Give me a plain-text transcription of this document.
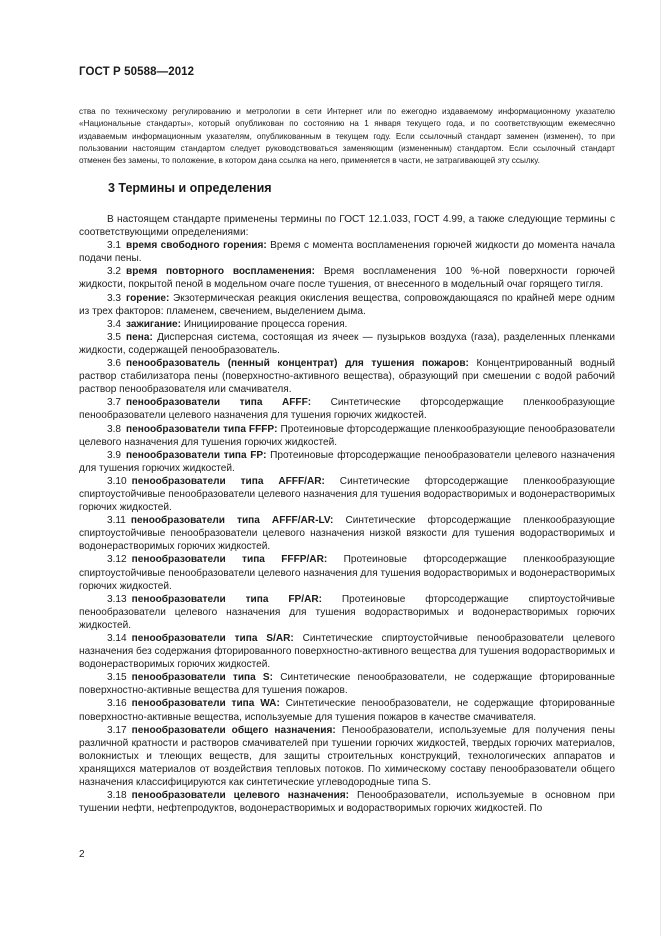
ГОСТ Р 50588—2012

ства по техническому регулированию и метрологии в сети Интернет или по ежегодно издаваемому информационному указателю «Национальные стандарты», который опубликован по состоянию на 1 января текущего года, и по соответствующим ежемесячно издаваемым информационным указателям, опубликованным в текущем году. Если ссылочный стандарт заменен (изменен), то при пользовании настоящим стандартом следует руководствоваться заменяющим (измененным) стандартом. Если ссылочный стандарт отменен без замены, то положение, в котором дана ссылка на него, применяется в части, не затрагивающей эту ссылку.

3 Термины и определения

В настоящем стандарте применены термины по ГОСТ 12.1.033, ГОСТ 4.99, а также следующие термины с соответствующими определениями:

3.1 время свободного горения: Время с момента воспламенения горючей жидкости до момента начала подачи пены.

3.2 время повторного воспламенения: Время воспламенения 100 %-ной поверхности горючей жидкости, покрытой пеной в модельном очаге после тушения, от внесенного в модельный очаг горящего тигля.

3.3 горение: Экзотермическая реакция окисления вещества, сопровождающаяся по крайней мере одним из трех факторов: пламенем, свечением, выделением дыма.

3.4 зажигание: Инициирование процесса горения.

3.5 пена: Дисперсная система, состоящая из ячеек — пузырьков воздуха (газа), разделенных пленками жидкости, содержащей пенообразователь.

3.6 пенообразователь (пенный концентрат) для тушения пожаров: Концентрированный водный раствор стабилизатора пены (поверхностно-активного вещества), образующий при смешении с водой рабочий раствор пенообразователя или смачивателя.

3.7 пенообразователи типа AFFF: Синтетические фторсодержащие пленкообразующие пенообразователи целевого назначения для тушения горючих жидкостей.

3.8 пенообразователи типа FFFP: Протеиновые фторсодержащие пленкообразующие пенообразователи целевого назначения для тушения горючих жидкостей.

3.9 пенообразователи типа FP: Протеиновые фторсодержащие пенообразователи целевого назначения для тушения горючих жидкостей.

3.10 пенообразователи типа AFFF/AR: Синтетические фторсодержащие пленкообразующие спиртоустойчивые пенообразователи целевого назначения для тушения водорастворимых и водонерастворимых горючих жидкостей.

3.11 пенообразователи типа AFFF/AR-LV: Синтетические фторсодержащие пленкообразующие спиртоустойчивые пенообразователи целевого назначения низкой вязкости для тушения водорастворимых и водонерастворимых горючих жидкостей.

3.12 пенообразователи типа FFFP/AR: Протеиновые фторсодержащие пленкообразующие спиртоустойчивые пенообразователи целевого назначения для тушения водорастворимых и водонерастворимых горючих жидкостей.

3.13 пенообразователи типа FP/AR: Протеиновые фторсодержащие спиртоустойчивые пенообразователи целевого назначения для тушения водорастворимых и водонерастворимых горючих жидкостей.

3.14 пенообразователи типа S/AR: Синтетические спиртоустойчивые пенообразователи целевого назначения без содержания фторированного поверхностно-активного вещества для тушения водорастворимых и водонерастворимых горючих жидкостей.

3.15 пенообразователи типа S: Синтетические пенообразователи, не содержащие фторированные поверхностно-активные вещества для тушения пожаров.

3.16 пенообразователи типа WA: Синтетические пенообразователи, не содержащие фторированные поверхностно-активные вещества, используемые для тушения пожаров в качестве смачивателя.

3.17 пенообразователи общего назначения: Пенообразователи, используемые для получения пены различной кратности и растворов смачивателей при тушении горючих жидкостей, твердых горючих материалов, волокнистых и тлеющих веществ, для защиты строительных конструкций, технологических аппаратов и хранящихся материалов от воздействия тепловых потоков. По химическому составу пенообразователи общего назначения классифицируются как синтетические углеводородные типа S.

3.18 пенообразователи целевого назначения: Пенообразователи, используемые в основном при тушении нефти, нефтепродуктов, водонерастворимых и водорастворимых горючих жидкостей. По

2
